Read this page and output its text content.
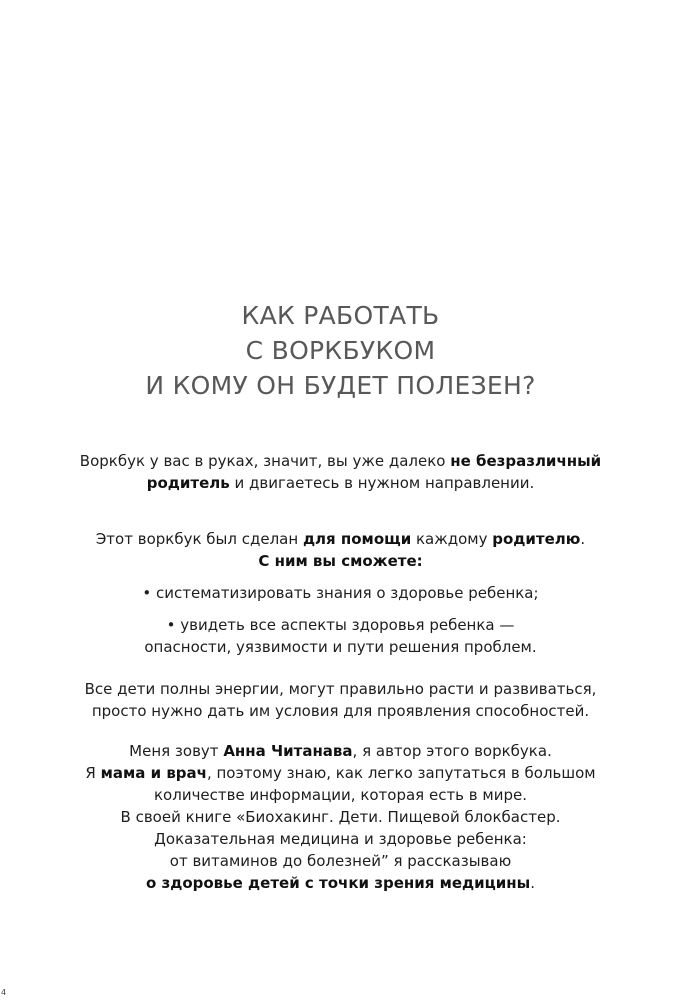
КАК РАБОТАТЬ
С ВОРКБУКОМ
И КОМУ ОН БУДЕТ ПОЛЕЗЕН?
Воркбук у вас в руках, значит, вы уже далеко не безразличный
родитель и двигаетесь в нужном направлении.
Этот воркбук был сделан для помощи каждому родителю.
С ним вы сможете:
• систематизировать знания о здоровье ребенка;
• увидеть все аспекты здоровья ребенка —
опасности, уязвимости и пути решения проблем.
Все дети полны энергии, могут правильно расти и развиваться,
просто нужно дать им условия для проявления способностей.
Меня зовут Анна Читанава, я автор этого воркбука.
Я мама и врач, поэтому знаю, как легко запутаться в большом
количестве информации, которая есть в мире.
В своей книге «Биохакинг. Дети. Пищевой блокбастер.
Доказательная медицина и здоровье ребенка:
от витаминов до болезней” я рассказываю
о здоровье детей с точки зрения медицины.
4
